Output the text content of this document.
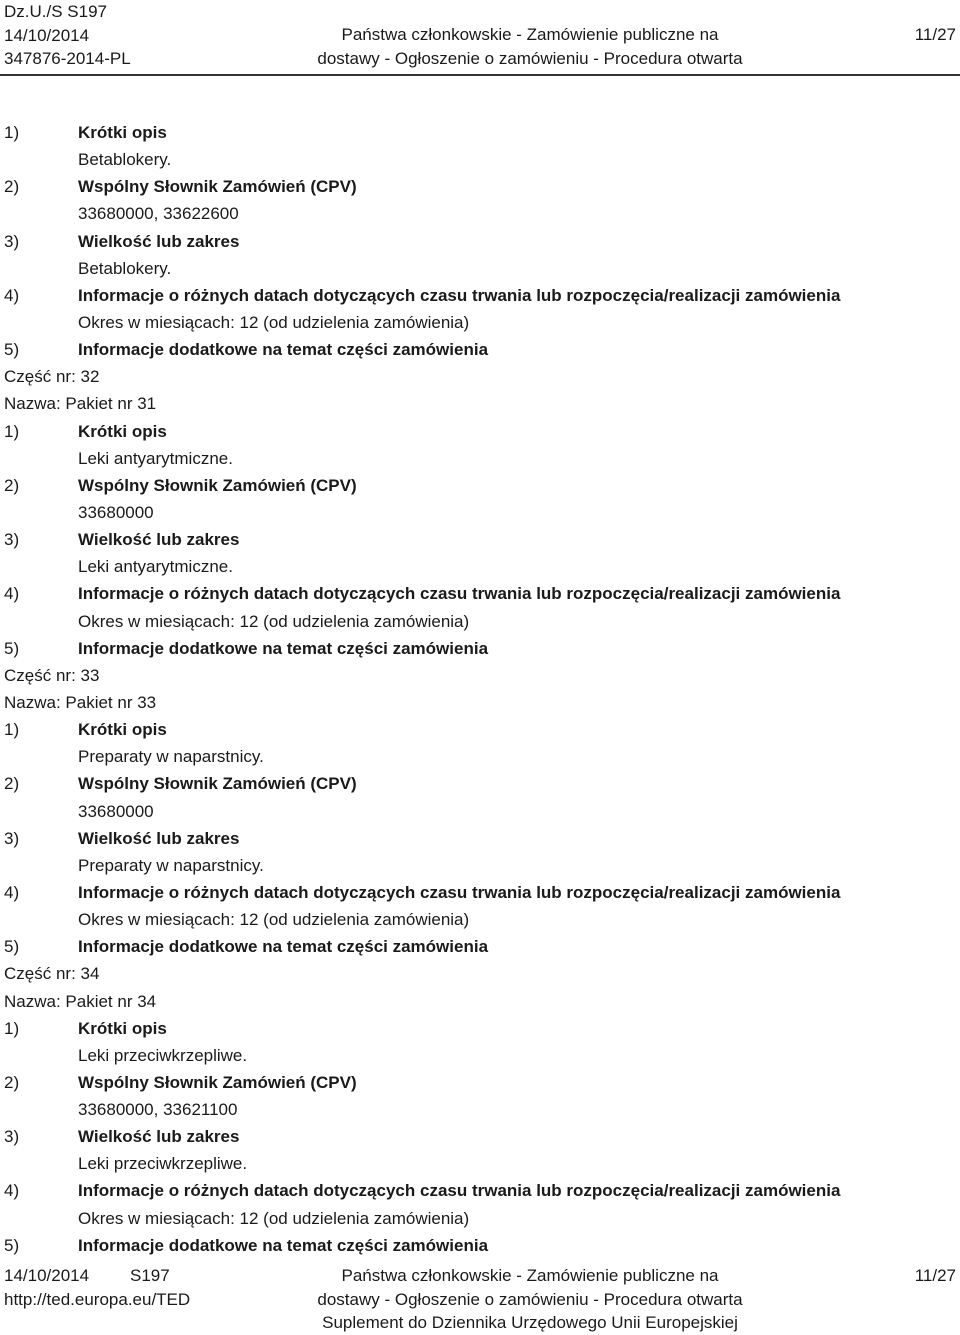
Dz.U./S S197
14/10/2014
347876-2014-PL
Państwa członkowskie - Zamówienie publiczne na
dostawy - Ogłoszenie o zamówieniu - Procedura otwarta
11/27
1)	Krótki opis
Betablokery.
2)	Wspólny Słownik Zamówień (CPV)
33680000, 33622600
3)	Wielkość lub zakres
Betablokery.
4)	Informacje o różnych datach dotyczących czasu trwania lub rozpoczęcia/realizacji zamówienia
Okres w miesiącach: 12 (od udzielenia zamówienia)
5)	Informacje dodatkowe na temat części zamówienia
Część nr: 32
Nazwa: Pakiet nr 31
1)	Krótki opis
Leki antyarytmiczne.
2)	Wspólny Słownik Zamówień (CPV)
33680000
3)	Wielkość lub zakres
Leki antyarytmiczne.
4)	Informacje o różnych datach dotyczących czasu trwania lub rozpoczęcia/realizacji zamówienia
Okres w miesiącach: 12 (od udzielenia zamówienia)
5)	Informacje dodatkowe na temat części zamówienia
Część nr: 33
Nazwa: Pakiet nr 33
1)	Krótki opis
Preparaty w naparstnicy.
2)	Wspólny Słownik Zamówień (CPV)
33680000
3)	Wielkość lub zakres
Preparaty w naparstnicy.
4)	Informacje o różnych datach dotyczących czasu trwania lub rozpoczęcia/realizacji zamówienia
Okres w miesiącach: 12 (od udzielenia zamówienia)
5)	Informacje dodatkowe na temat części zamówienia
Część nr: 34
Nazwa: Pakiet nr 34
1)	Krótki opis
Leki przeciwkrzepliwe.
2)	Wspólny Słownik Zamówień (CPV)
33680000, 33621100
3)	Wielkość lub zakres
Leki przeciwkrzepliwe.
4)	Informacje o różnych datach dotyczących czasu trwania lub rozpoczęcia/realizacji zamówienia
Okres w miesiącach: 12 (od udzielenia zamówienia)
5)	Informacje dodatkowe na temat części zamówienia
14/10/2014 S197
http://ted.europa.eu/TED
Państwa członkowskie - Zamówienie publiczne na
dostawy - Ogłoszenie o zamówieniu - Procedura otwarta
Suplement do Dziennika Urzędowego Unii Europejskiej
11/27
